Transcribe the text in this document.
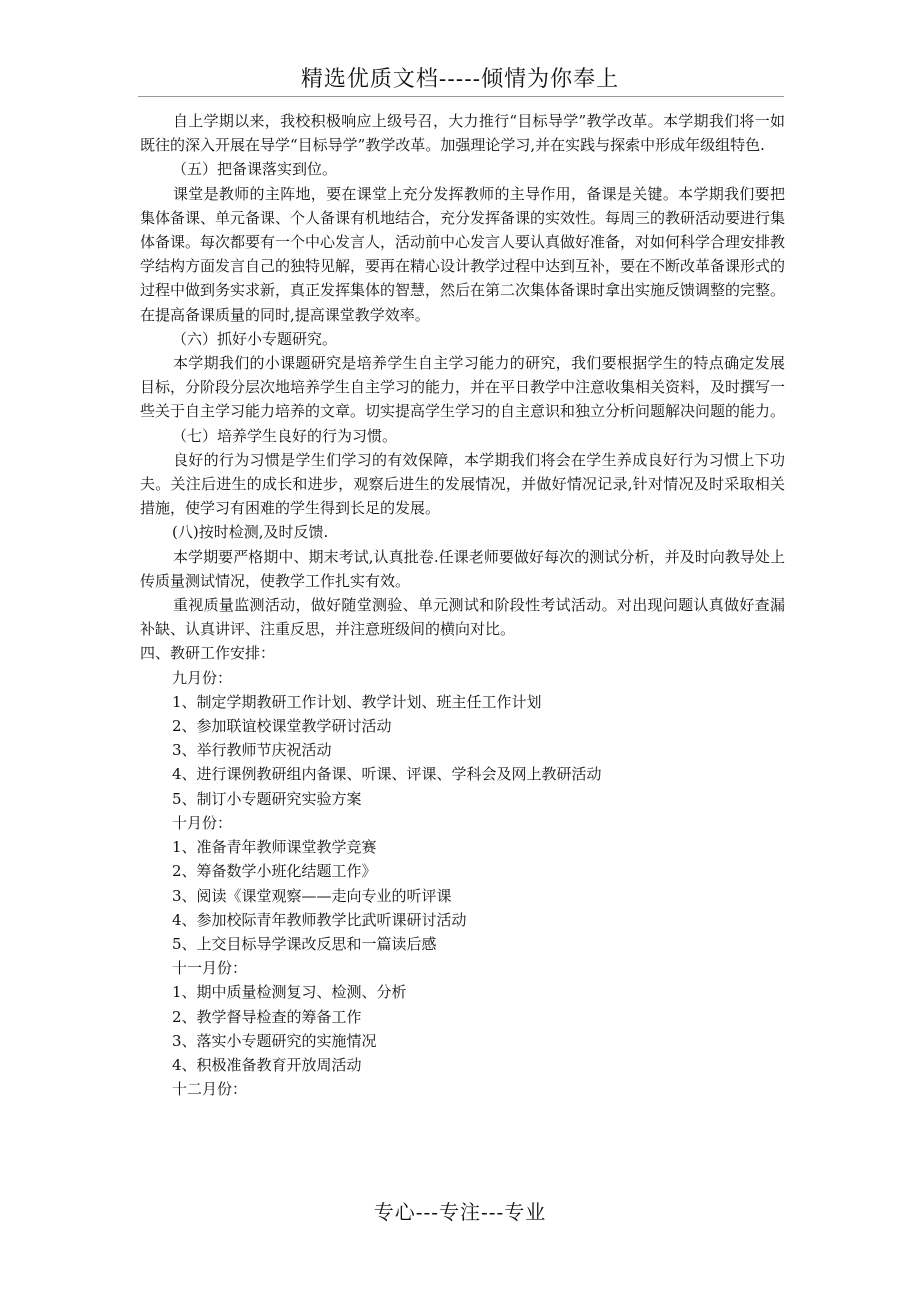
精选优质文档-----倾情为你奉上

自上学期以来，我校积极响应上级号召，大力推行“目标导学”教学改革。本学期我们将一如既往的深入开展在导学“目标导学”教学改革。加强理论学习,并在实践与探索中形成年级组特色.

（五）把备课落实到位。

课堂是教师的主阵地，要在课堂上充分发挥教师的主导作用，备课是关键。本学期我们要把集体备课、单元备课、个人备课有机地结合，充分发挥备课的实效性。每周三的教研活动要进行集体备课。每次都要有一个中心发言人，活动前中心发言人要认真做好准备，对如何科学合理安排教学结构方面发言自己的独特见解，要再在精心设计教学过程中达到互补，要在不断改革备课形式的过程中做到务实求新，真正发挥集体的智慧，然后在第二次集体备课时拿出实施反馈调整的完整。在提高备课质量的同时,提高课堂教学效率。

（六）抓好小专题研究。

本学期我们的小课题研究是培养学生自主学习能力的研究，我们要根据学生的特点确定发展目标，分阶段分层次地培养学生自主学习的能力，并在平日教学中注意收集相关资料，及时撰写一些关于自主学习能力培养的文章。切实提高学生学习的自主意识和独立分析问题解决问题的能力。

（七）培养学生良好的行为习惯。

良好的行为习惯是学生们学习的有效保障，本学期我们将会在学生养成良好行为习惯上下功夫。关注后进生的成长和进步，观察后进生的发展情况，并做好情况记录,针对情况及时采取相关措施，使学习有困难的学生得到长足的发展。

(八)按时检测,及时反馈.

本学期要严格期中、期末考试,认真批卷.任课老师要做好每次的测试分析，并及时向教导处上传质量测试情况，使教学工作扎实有效。

重视质量监测活动，做好随堂测验、单元测试和阶段性考试活动。对出现问题认真做好查漏补缺、认真讲评、注重反思，并注意班级间的横向对比。

四、教研工作安排：

九月份：

1、制定学期教研工作计划、教学计划、班主任工作计划

2、参加联谊校课堂教学研讨活动

3、举行教师节庆祝活动

4、进行课例教研组内备课、听课、评课、学科会及网上教研活动

5、制订小专题研究实验方案

十月份：

1、准备青年教师课堂教学竞赛

2、筹备数学小班化结题工作》

3、阅读《课堂观察——走向专业的听评课

4、参加校际青年教师教学比武听课研讨活动

5、上交目标导学课改反思和一篇读后感

十一月份：

1、期中质量检测复习、检测、分析

2、教学督导检查的筹备工作

3、落实小专题研究的实施情况

4、积极准备教育开放周活动

十二月份：

专心---专注---专业
